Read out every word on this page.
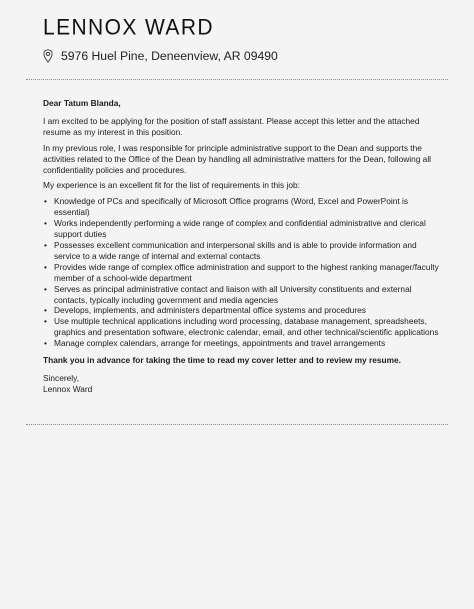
LENNOX WARD
5976 Huel Pine, Deneenview, AR 09490

Dear Tatum Blanda,

I am excited to be applying for the position of staff assistant. Please accept this letter and the attached resume as my interest in this position.

In my previous role, I was responsible for principle administrative support to the Dean and supports the activities related to the Office of the Dean by handling all administrative matters for the Dean, following all confidentiality policies and procedures.

My experience is an excellent fit for the list of requirements in this job:

• Knowledge of PCs and specifically of Microsoft Office programs (Word, Excel and PowerPoint is essential)
• Works independently performing a wide range of complex and confidential administrative and clerical support duties
• Possesses excellent communication and interpersonal skills and is able to provide information and service to a wide range of internal and external contacts
• Provides wide range of complex office administration and support to the highest ranking manager/faculty member of a school-wide department
• Serves as principal administrative contact and liaison with all University constituents and external contacts, typically including government and media agencies
• Develops, implements, and administers departmental office systems and procedures
• Use multiple technical applications including word processing, database management, spreadsheets, graphics and presentation software, electronic calendar, email, and other technical/scientific applications
• Manage complex calendars, arrange for meetings, appointments and travel arrangements

Thank you in advance for taking the time to read my cover letter and to review my resume.

Sincerely,

Lennox Ward
